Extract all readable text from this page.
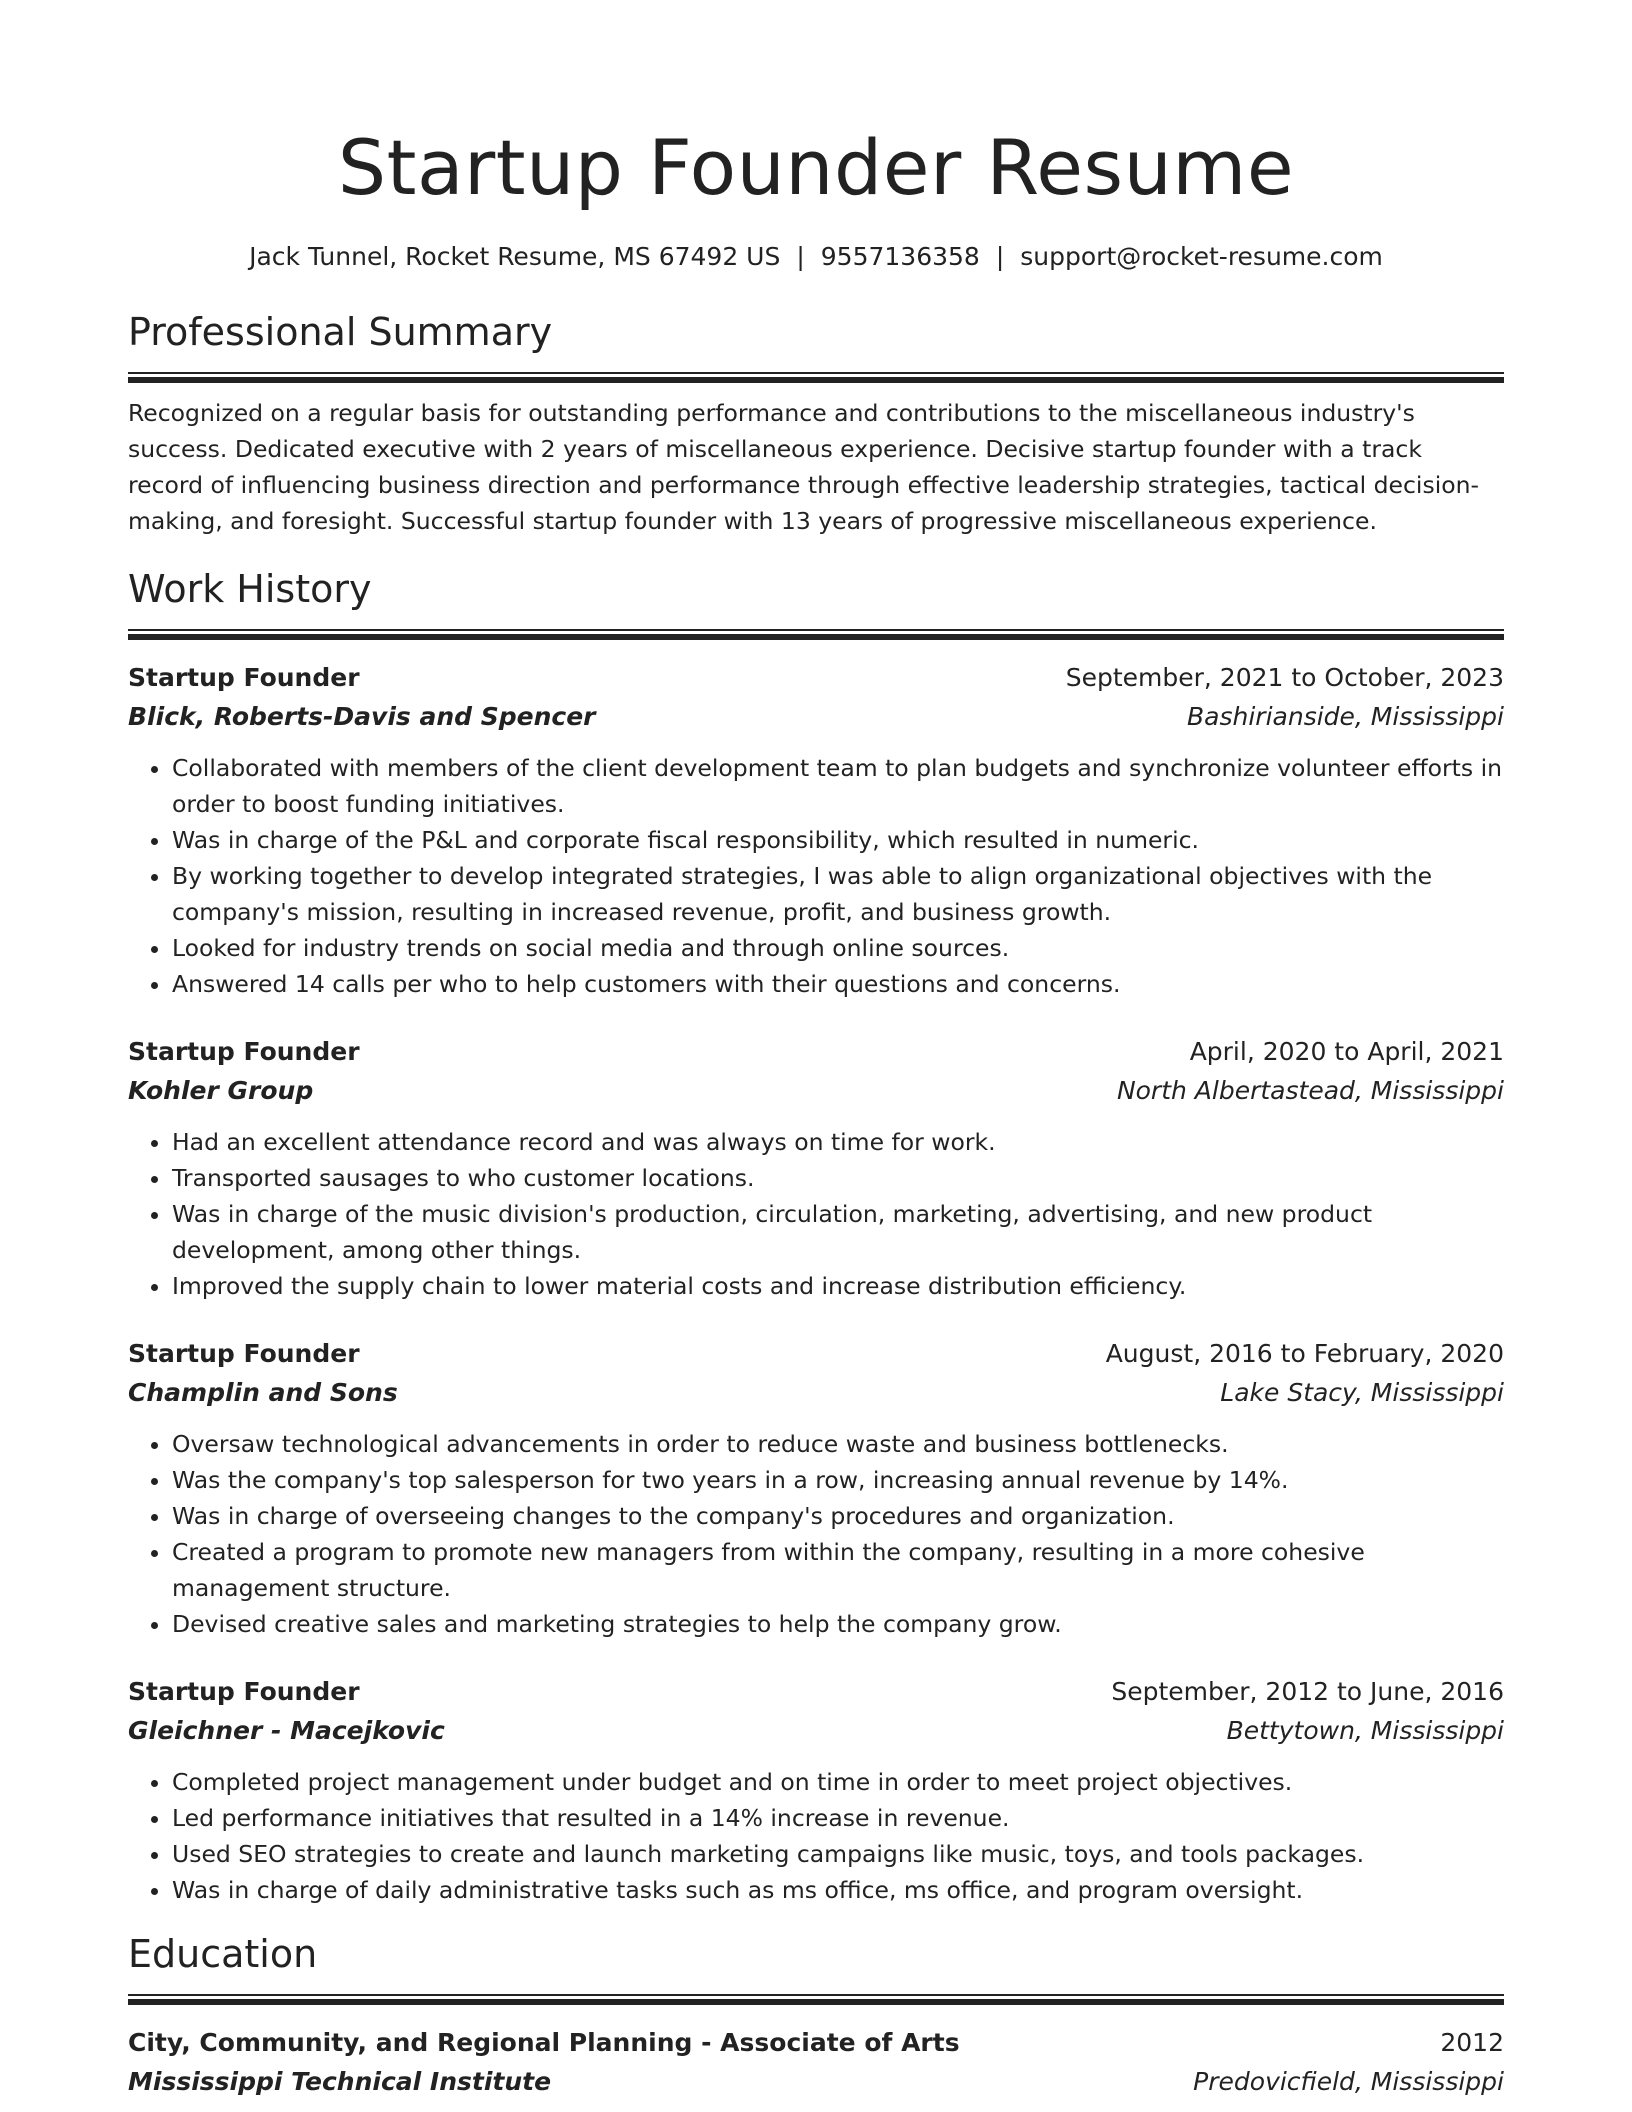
Startup Founder Resume
Jack Tunnel, Rocket Resume, MS 67492 US | 9557136358 | support@rocket-resume.com
Professional Summary

Recognized on a regular basis for outstanding performance and contributions to the miscellaneous industry's success. Dedicated executive with 2 years of miscellaneous experience. Decisive startup founder with a track record of influencing business direction and performance through effective leadership strategies, tactical decision-making, and foresight. Successful startup founder with 13 years of progressive miscellaneous experience.

Work History
Startup Founder	September, 2021 to October, 2023
Blick, Roberts-Davis and Spencer	Bashirianside, Mississippi
• Collaborated with members of the client development team to plan budgets and synchronize volunteer efforts in order to boost funding initiatives.
• Was in charge of the P&L and corporate fiscal responsibility, which resulted in numeric.
• By working together to develop integrated strategies, I was able to align organizational objectives with the company's mission, resulting in increased revenue, profit, and business growth.
• Looked for industry trends on social media and through online sources.
• Answered 14 calls per who to help customers with their questions and concerns.
Startup Founder	April, 2020 to April, 2021
Kohler Group	North Albertastead, Mississippi
• Had an excellent attendance record and was always on time for work.
• Transported sausages to who customer locations.
• Was in charge of the music division's production, circulation, marketing, advertising, and new product development, among other things.
• Improved the supply chain to lower material costs and increase distribution efficiency.
Startup Founder	August, 2016 to February, 2020
Champlin and Sons	Lake Stacy, Mississippi
• Oversaw technological advancements in order to reduce waste and business bottlenecks.
• Was the company's top salesperson for two years in a row, increasing annual revenue by 14%.
• Was in charge of overseeing changes to the company's procedures and organization.
• Created a program to promote new managers from within the company, resulting in a more cohesive management structure.
• Devised creative sales and marketing strategies to help the company grow.
Startup Founder	September, 2012 to June, 2016
Gleichner - Macejkovic	Bettytown, Mississippi
• Completed project management under budget and on time in order to meet project objectives.
• Led performance initiatives that resulted in a 14% increase in revenue.
• Used SEO strategies to create and launch marketing campaigns like music, toys, and tools packages.
• Was in charge of daily administrative tasks such as ms office, ms office, and program oversight.
Education
City, Community, and Regional Planning - Associate of Arts	2012
Mississippi Technical Institute	Predovicfield, Mississippi
